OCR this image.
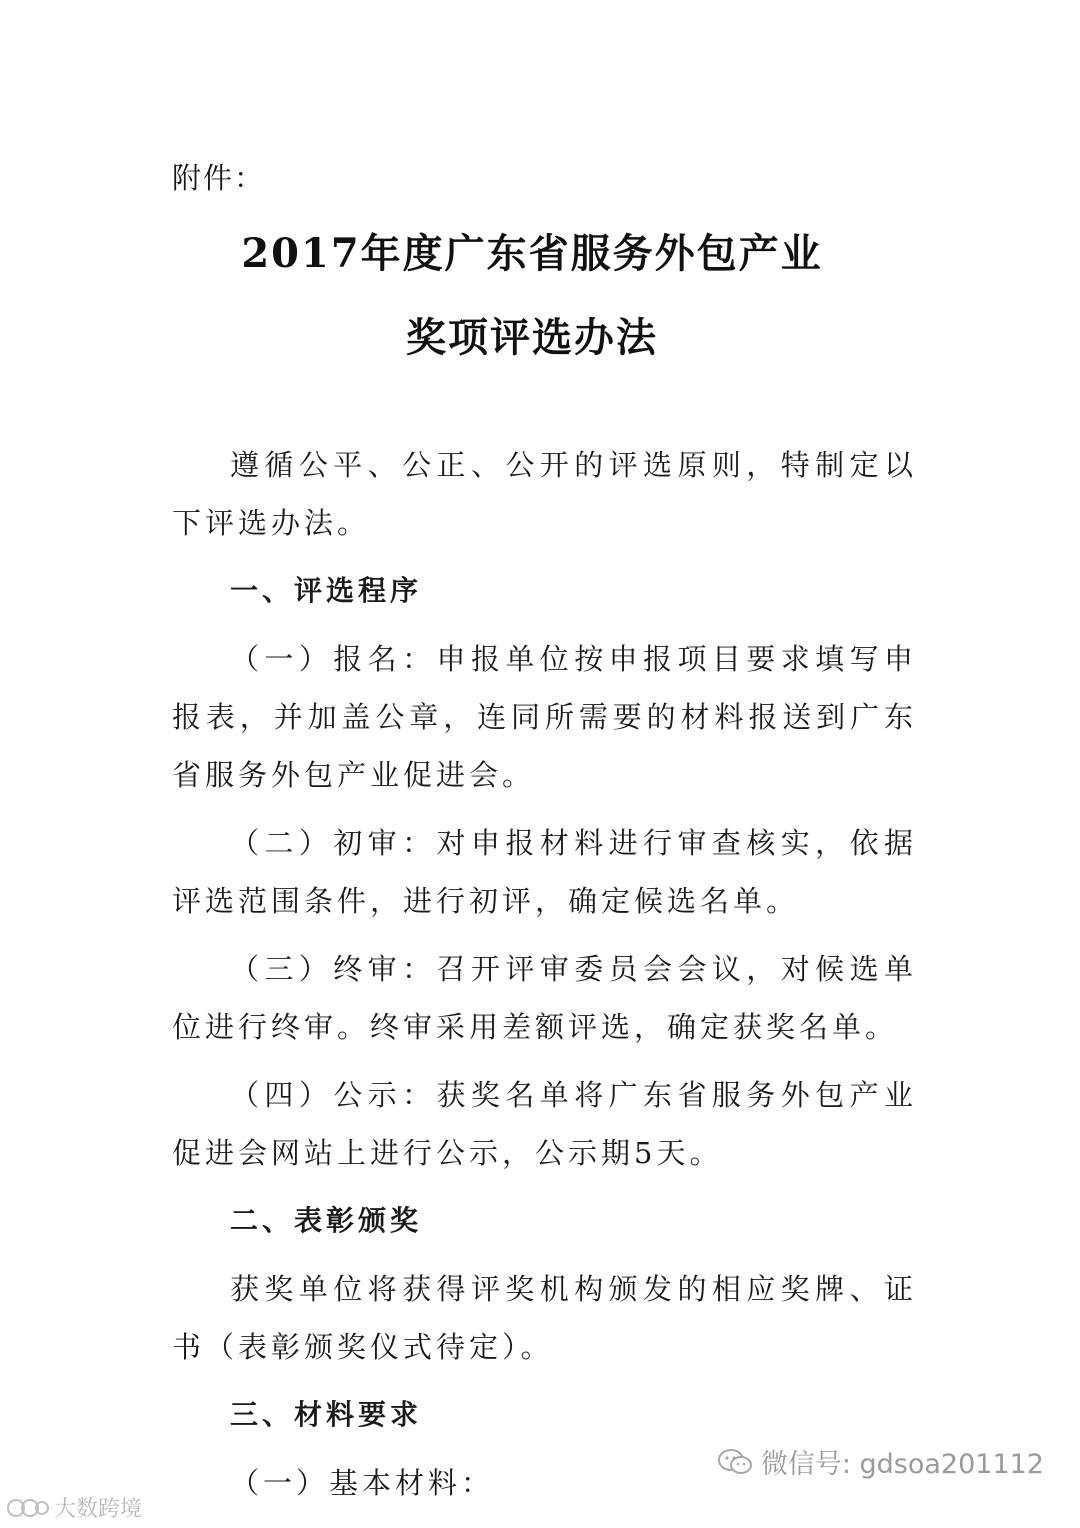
附件：
2017年度广东省服务外包产业
奖项评选办法

遵循公平、公正、公开的评选原则，特制定以下评选办法。

一、评选程序

（一）报名：申报单位按申报项目要求填写申报表，并加盖公章，连同所需要的材料报送到广东省服务外包产业促进会。

（二）初审：对申报材料进行审查核实，依据评选范围条件，进行初评，确定候选名单。

（三）终审：召开评审委员会会议，对候选单位进行终审。终审采用差额评选，确定获奖名单。

（四）公示：获奖名单将广东省服务外包产业促进会网站上进行公示，公示期5天。

二、表彰颁奖

获奖单位将获得评奖机构颁发的相应奖牌、证书（表彰颁奖仪式待定）。

三、材料要求

（一）基本材料：

微信号: gdsoa201112
大数跨境
